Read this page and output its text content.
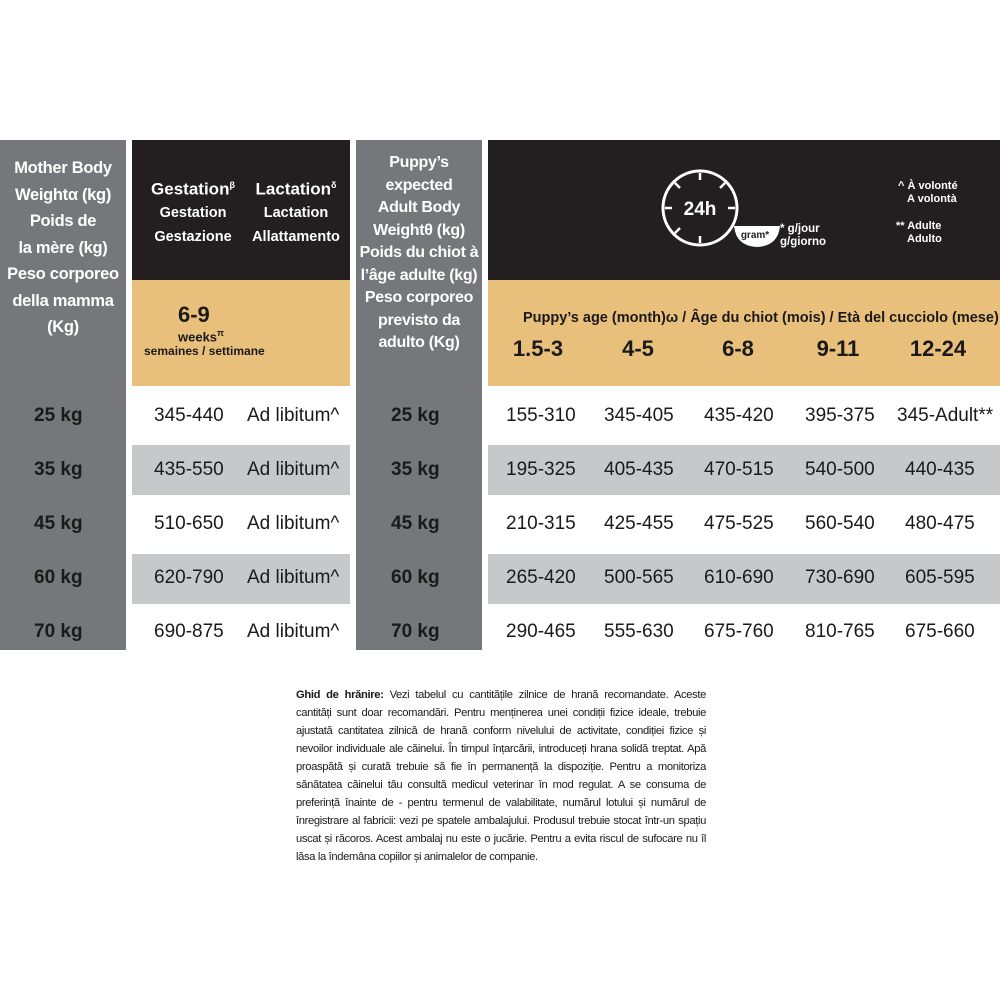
Mother Body
Weightα (kg)
Poids de
la mère (kg)
Peso corporeo
della mamma (Kg)
Gestation$^\beta$
Gestation
Gestazione
Lactation$^\delta$
Lactation
Allattamento
6-9
weeks$^\pi$
semaines / settimane
Puppy’s expected
Adult Body
Weightθ (kg)
Poids du chiot à
l’âge adulte (kg)
Peso corporeo
previsto da
adulto (Kg)
24h
gram*
* g/jour
g/giorno
^ À volonté
A volontà
** Adulte
Adulto
Puppy’s age (month)ω / Âge du chiot (mois) / Età del cucciolo (mese)
1.5-3	4-5	6-8	9-11	12-24
25 kg	345-440 Ad libitum^	25 kg	155-310 345-405 435-420 395-375 345-Adult**
35 kg	435-550 Ad libitum^	35 kg	195-325 405-435 470-515 540-500 440-435
45 kg	510-650 Ad libitum^	45 kg	210-315 425-455 475-525 560-540 480-475
60 kg	620-790 Ad libitum^	60 kg	265-420 500-565 610-690 730-690 605-595
70 kg	690-875 Ad libitum^	70 kg	290-465 555-630 675-760 810-765 675-660
Ghid de hrănire: Vezi tabelul cu cantitățile zilnice de hrană recomandate. Aceste cantități sunt doar recomandări. Pentru menținerea unei condiții fizice ideale, trebuie ajustată cantitatea zilnică de hrană conform nivelului de activitate, condiției fizice și nevoilor individuale ale căinelui. În timpul înțarcării, introduceți hrana solidă treptat. Apă proaspătă și curată trebuie să fie în permanență la dispoziție. Pentru a monitoriza sănătatea căinelui tău consultă medicul veterinar în mod regulat. A se consuma de preferință înainte de - pentru termenul de valabilitate, numărul lotului și numărul de înregistrare al fabricii: vezi pe spatele ambalajului. Produsul trebuie stocat într-un spațiu uscat și răcoros. Acest ambalaj nu este o jucărie. Pentru a evita riscul de sufocare nu îl lăsa la îndemâna copiilor și animalelor de companie.
